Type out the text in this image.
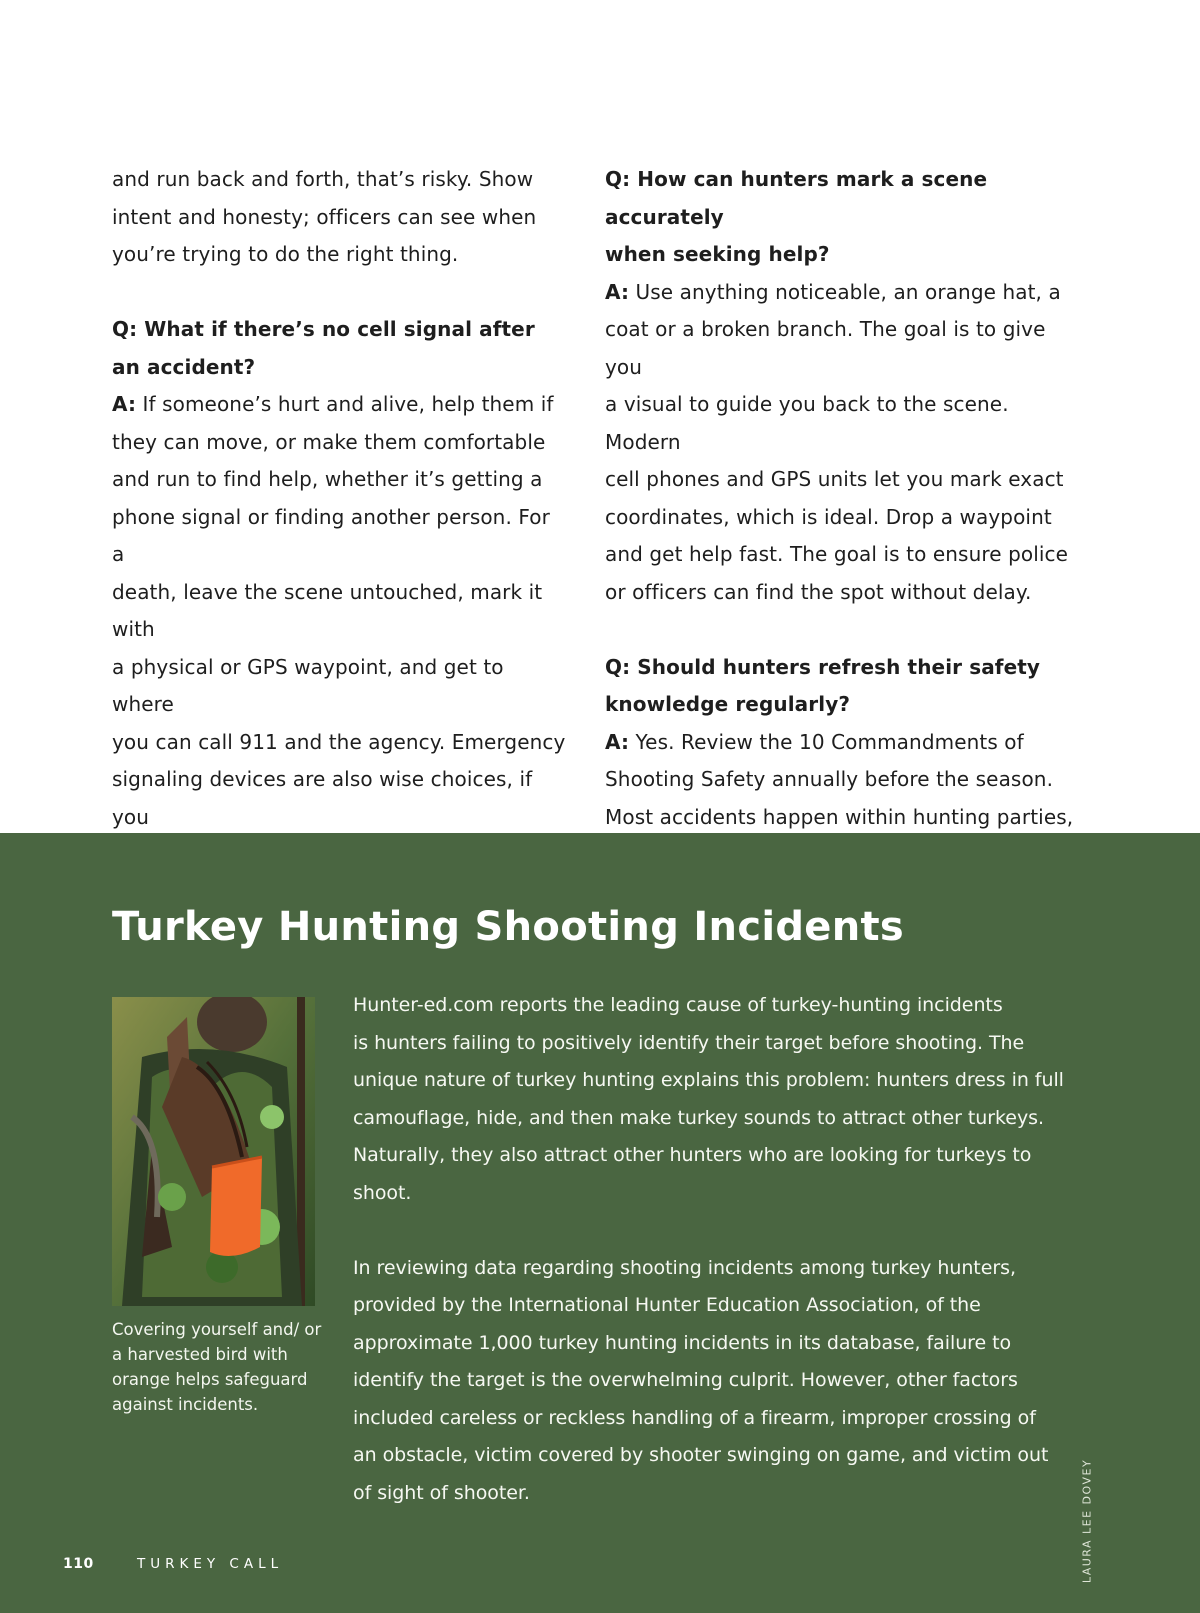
and run back and forth, that’s risky. Show

intent and honesty; officers can see when

you’re trying to do the right thing.

Q: What if there’s no cell signal after

an accident?

A: If someone’s hurt and alive, help them if

they can move, or make them comfortable

and run to find help, whether it’s getting a

phone signal or finding another person. For a

death, leave the scene untouched, mark it with

a physical or GPS waypoint, and get to where

you can call 911 and the agency. Emergency

signaling devices are also wise choices, if you

Q: How can hunters mark a scene accurately

when seeking help?

A: Use anything noticeable, an orange hat, a

coat or a broken branch. The goal is to give you

a visual to guide you back to the scene. Modern

cell phones and GPS units let you mark exact

coordinates, which is ideal. Drop a waypoint

and get help fast. The goal is to ensure police

or officers can find the spot without delay.

Q: Should hunters refresh their safety

knowledge regularly?

A: Yes. Review the 10 Commandments of

Shooting Safety annually before the season.

Most accidents happen within hunting parties,

Turkey Hunting Shooting Incidents

Covering yourself and/ or a harvested bird with orange helps safeguard against incidents.

Hunter-ed.com reports the leading cause of turkey-hunting incidents

is hunters failing to positively identify their target before shooting. The

unique nature of turkey hunting explains this problem: hunters dress in full

camouflage, hide, and then make turkey sounds to attract other turkeys.

Naturally, they also attract other hunters who are looking for turkeys to shoot.

In reviewing data regarding shooting incidents among turkey hunters,

provided by the International Hunter Education Association, of the

approximate 1,000 turkey hunting incidents in its database, failure to

identify the target is the overwhelming culprit. However, other factors

included careless or reckless handling of a firearm, improper crossing of

an obstacle, victim covered by shooter swinging on game, and victim out

of sight of shooter.	LAURA LEE DOVEY
110	TURKEY CALL
